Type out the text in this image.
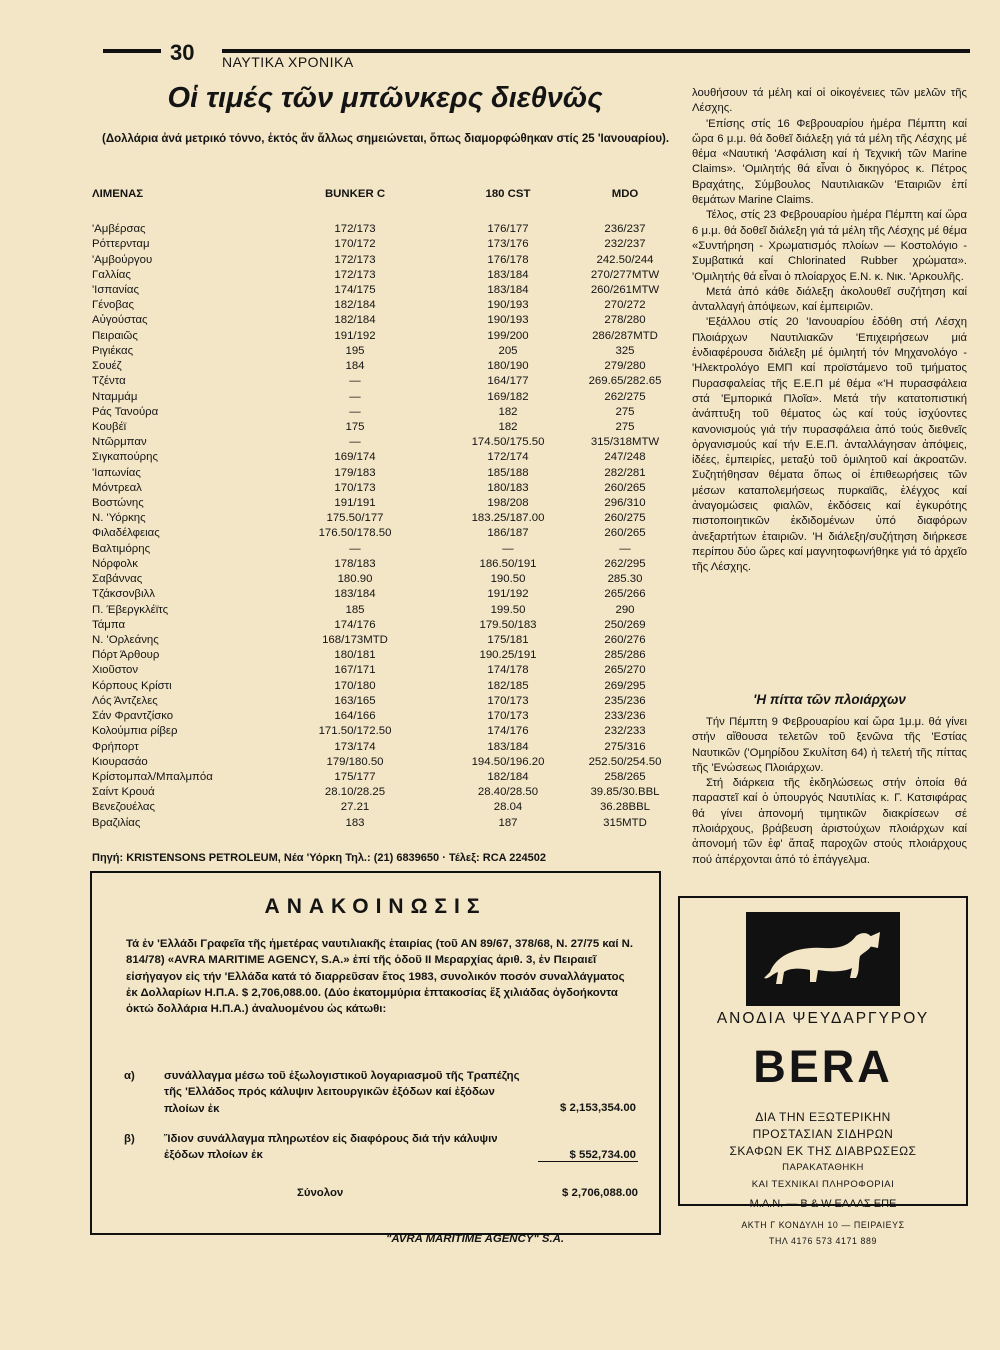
30 ΝΑΥΤΙΚΑ ΧΡΟΝΙΚΑ
Οἱ τιμές τῶν μπῶνκερς διεθνῶς
(Δολλάρια ἀνά μετρικό τόννο, ἐκτός ἄν ἄλλως σημειώνεται, ὅπως διαμορφώθηκαν στίς 25 'Ιανουαρίου).
ΛΙΜΕΝΑΣ	BUNKER C	180 CST	MDO
'Αμβέρσας	172/173	176/177	236/237
Ρόττερνταμ	170/172	173/176	232/237
'Αμβούργου	172/173	176/178	242.50/244
Γαλλίας	172/173	183/184	270/277MTW
'Ισπανίας	174/175	183/184	260/261MTW
Γένοβας	182/184	190/193	270/272
Αὐγούστας	182/184	190/193	278/280
Πειραιῶς	191/192	199/200	286/287MTD
Ριγιέκας	195	205	325
Σουέζ	184	180/190	279/280
Τζέντα	—	164/177	269.65/282.65
Νταμμάμ	—	169/182	262/275
Ράς Τανούρα	—	182	275
Κουβέϊ	175	182	275
Ντῶρμπαν	—	174.50/175.50	315/318MTW
Σιγκαπούρης	169/174	172/174	247/248
'Ιαπωνίας	179/183	185/188	282/281
Μόντρεαλ	170/173	180/183	260/265
Βοστώνης	191/191	198/208	296/310
Ν. 'Υόρκης	175.50/177	183.25/187.00	260/275
Φιλαδέλφειας	176.50/178.50	186/187	260/265
Βαλτιμόρης	—	—	—
Νόρφολκ	178/183	186.50/191	262/295
Σαβάννας	180.90	190.50	285.30
Τζάκσονβιλλ	183/184	191/192	265/266
Π. Έβεργκλέϊτς	185	199.50	290
Τάμπα	174/176	179.50/183	250/269
Ν. 'Ορλεάνης	168/173MTD	175/181	260/276
Πόρτ Άρθουρ	180/181	190.25/191	285/286
Χιοῦστον	167/171	174/178	265/270
Κόρπους Κρίστι	170/180	182/185	269/295
Λός Άντζελες	163/165	170/173	235/236
Σάν Φραντζίσκο	164/166	170/173	233/236
Κολούμπια ρίβερ	171.50/172.50	174/176	232/233
Φρήπορτ	173/174	183/184	275/316
Κιουρασάο	179/180.50	194.50/196.20	252.50/254.50
Κρίστομπαλ/Μπαλμπόα	175/177	182/184	258/265
Σαίντ Κρουά	28.10/28.25	28.40/28.50	39.85/30.BBL
Βενεζουέλας	27.21	28.04	36.28BBL
Βραζιλίας	183	187	315MTD
Πηγή: KRISTENSONS PETROLEUM, Νέα 'Υόρκη Τηλ.: (21) 6839650 · Τέλεξ: RCA 224502

λουθήσουν τά μέλη καί οἱ οἰκογένειες τῶν μελῶν τῆς Λέσχης.

'Επίσης στίς 16 Φεβρουαρίου ἡμέρα Πέμπτη καί ὥρα 6 μ.μ. θά δοθεῖ διάλεξη γιά τά μέλη τῆς Λέσχης μέ θέμα «Ναυτική 'Ασφάλιση καί ἡ Τεχνική τῶν Marine Claims». 'Ομιλητής θά εἶναι ὁ δικηγόρος κ. Πέτρος Βραχάτης, Σύμβουλος Ναυτιλιακῶν 'Εταιριῶν ἐπί θεμάτων Marine Claims.

Τέλος, στίς 23 Φεβρουαρίου ἡμέρα Πέμπτη καί ὥρα 6 μ.μ. θά δοθεῖ διάλεξη γιά τά μέλη τῆς Λέσχης μέ θέμα «Συντήρηση - Χρωματισμός πλοίων — Κοστολόγιο - Συμβατικά καί Chlorinated Rubber χρώματα». 'Ομιλητής θά εἶναι ὁ πλοίαρχος Ε.Ν. κ. Νικ. 'Αρκουλῆς.

Μετά ἀπό κάθε διάλεξη ἀκολουθεῖ συζήτηση καί ἀνταλλαγή ἀπόψεων, καί ἐμπειριῶν.

'Εξάλλου στίς 20 'Ιανουαρίου ἐδόθη στή Λέσχη Πλοιάρχων Ναυτιλιακῶν 'Επιχειρήσεων μιά ἐνδιαφέρουσα διάλεξη μέ ὁμιλητή τόν Μηχανολόγο - 'Ηλεκτρολόγο ΕΜΠ καί προϊστάμενο τοῦ τμήματος Πυρασφαλείας τῆς Ε.Ε.Π μέ θέμα «'Η πυρασφάλεια στά 'Εμπορικά Πλοῖα». Μετά τήν κατατοπιστική ἀνάπτυξη τοῦ θέματος ὡς καί τούς ἰσχύοντες κανονισμούς γιά τήν πυρασφάλεια ἀπό τούς διεθνεῖς ὀργανισμούς καί τήν Ε.Ε.Π. ἀνταλλάγησαν ἀπόψεις, ἰδέες, ἐμπειρίες, μεταξύ τοῦ ὁμιλητοῦ καί ἀκροατῶν. Συζητήθησαν θέματα ὅπως οἱ ἐπιθεωρήσεις τῶν μέσων καταπολεμήσεως πυρκαϊᾶς, ἐλέγχος καί ἀναγομώσεις φιαλῶν, ἐκδόσεις καί ἐγκυρότης πιστοποιητικῶν ἐκδιδομένων ὑπό διαφόρων ἀνεξαρτήτων ἑταιριῶν. 'Η διάλεξη/συζήτηση διήρκεσε περίπου δύο ὥρες καί μαγνητοφωνήθηκε γιά τό ἀρχεῖο τῆς Λέσχης.

'Η πίττα τῶν πλοιάρχων

Τήν Πέμπτη 9 Φεβρουαρίου καί ὥρα 1μ.μ. θά γίνει στήν αἴθουσα τελετῶν τοῦ ξενῶνα τῆς 'Εστίας Ναυτικῶν ('Ομηρίδου Σκυλίτση 64) ἡ τελετή τῆς πίττας τῆς 'Ενώσεως Πλοιάρχων.

Στή διάρκεια τῆς ἐκδηλώσεως στήν ὁποία θά παραστεῖ καί ὁ ὑπουργός Ναυτιλίας κ. Γ. Κατσιφάρας θά γίνει ἀπονομή τιμητικῶν διακρίσεων σέ πλοιάρχους, βράβευση ἀριστούχων πλοιάρχων καί ἀπονομή τῶν ἐφ' ἅπαξ παροχῶν στούς πλοιάρχους πού ἀπέρχονται ἀπό τό ἐπάγγελμα.

ΑΝΑΚΟΙΝΩΣΙΣ
Τά ἐν 'Ελλάδι Γραφεῖα τῆς ἡμετέρας ναυτιλιακῆς ἑταιρίας (τοῦ ΑΝ 89/67, 378/68, Ν. 27/75 καί Ν. 814/78) «AVRA MARITIME AGENCY, S.A.» ἐπί τῆς ὁδοῦ ΙΙ Μεραρχίας ἀριθ. 3, ἐν Πειραιεῖ εἰσήγαγον εἰς τήν 'Ελλάδα κατά τό διαρρεῦσαν ἔτος 1983, συνολικόν ποσόν συναλλάγματος ἐκ Δολλαρίων Η.Π.Α. $ 2,706,088.00. (Δύο ἑκατομμύρια ἑπτακοσίας ἕξ χιλιάδας ὀγδοήκοντα ὀκτώ δολλάρια Η.Π.Α.) ἀναλυομένου ὡς κάτωθι:
α)	συνάλλαγμα μέσω τοῦ ἐξωλογιστικοῦ λογαριασμοῦ τῆς Τραπέζης τῆς 'Ελλάδος πρός κάλυψιν λειτουργικῶν ἐξόδων καί ἐξόδων πλοίων ἐκ	$ 2,153,354.00
β)	Ἴδιον συνάλλαγμα πληρωτέον εἰς διαφόρους διά τήν κάλυψιν ἐξόδων πλοίων ἐκ	$ 552,734.00
Σύνολον	$ 2,706,088.00
"AVRA MARITIME AGENCY" S.A.
ΑΝΟΔΙΑ ΨΕΥΔΑΡΓΥΡΟΥ
BERA
ΔΙΑ ΤΗΝ ΕΞΩΤΕΡΙΚΗΝ
ΠΡΟΣΤΑΣΙΑΝ ΣΙΔΗΡΩΝ
ΣΚΑΦΩΝ ΕΚ ΤΗΣ ΔΙΑΒΡΩΣΕΩΣ
ΠΑΡΑΚΑΤΑΘΗΚΗ
ΚΑΙ ΤΕΧΝΙΚΑΙ ΠΛΗΡΟΦΟΡΙΑΙ
Μ.Α.Ν. — Β & W ΕΛΛΑΣ ΕΠΕ
ΑΚΤΗ Γ ΚΟΝΔΥΛΗ 10 — ΠΕΙΡΑΙΕΥΣ
ΤΗΛ 4176 573 4171 889
